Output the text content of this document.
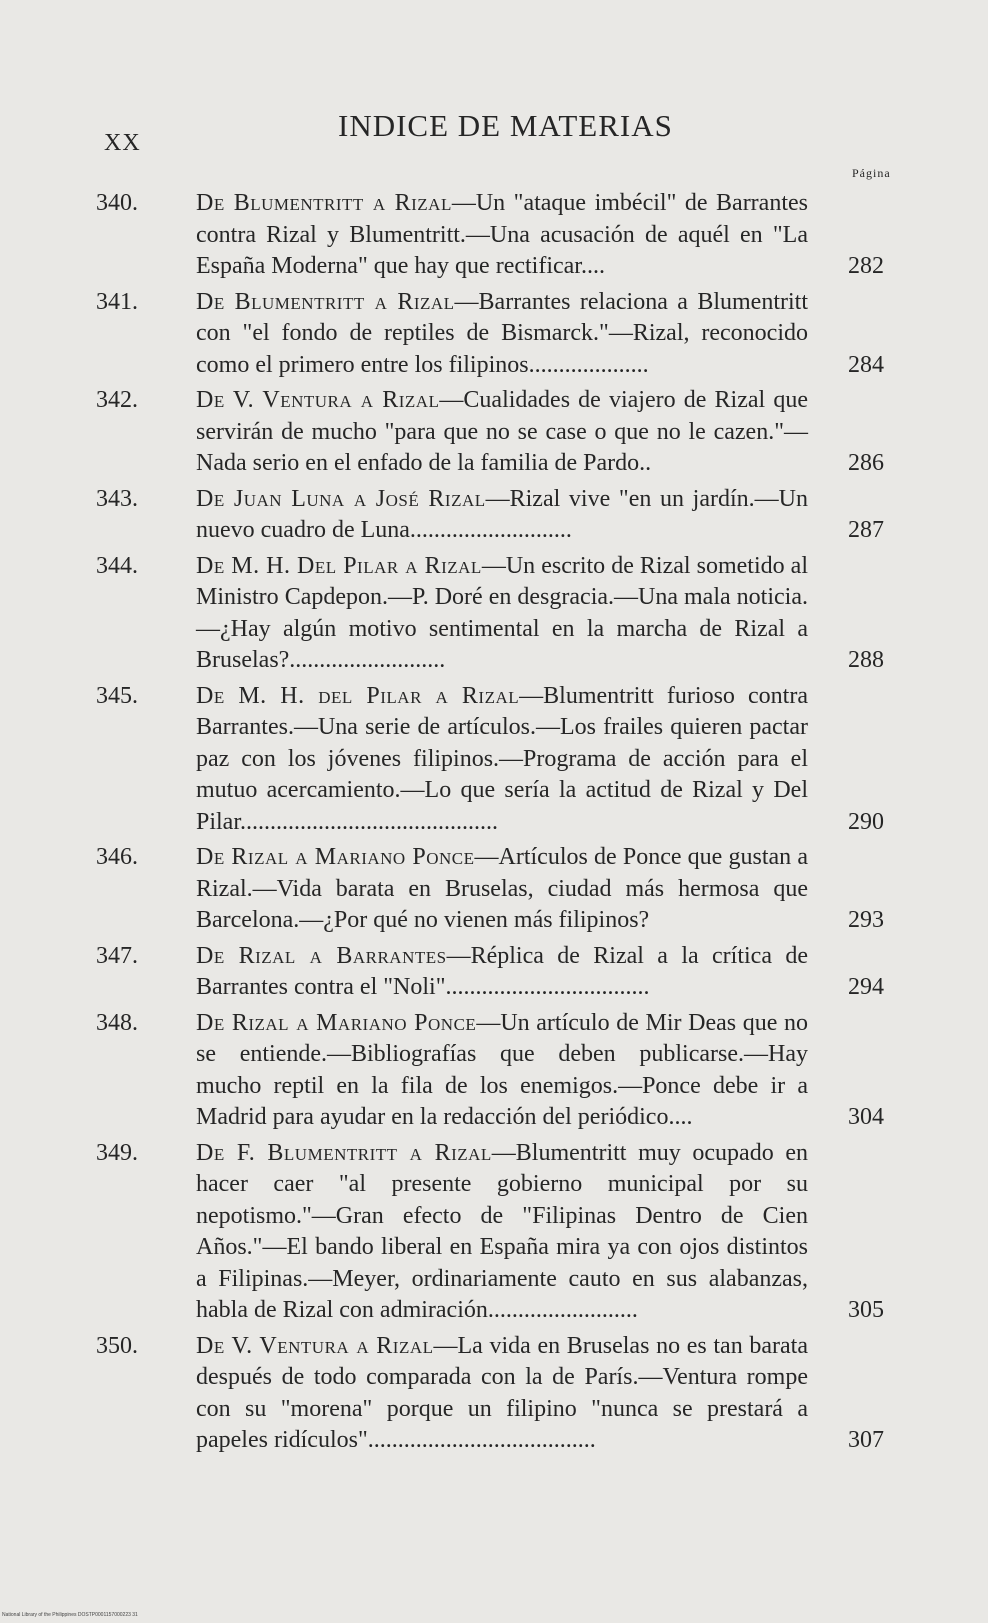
XX	INDICE DE MATERIAS
Página
340.	De Blumentritt a Rizal—Un "ataque imbécil" de Barrantes contra Rizal y Blumentritt.—Una acusación de aquél en "La España Moderna" que hay que rectificar....	282
341.	De Blumentritt a Rizal—Barrantes relaciona a Blumentritt con "el fondo de reptiles de Bismarck."—Rizal, reconocido como el primero entre los filipinos....................	284
342.	De V. Ventura a Rizal—Cualidades de viajero de Rizal que servirán de mucho "para que no se case o que no le cazen."—Nada serio en el enfado de la familia de Pardo..	286
343.	De Juan Luna a José Rizal—Rizal vive "en un jardín.—Un nuevo cuadro de Luna...........................	287
344.	De M. H. Del Pilar a Rizal—Un escrito de Rizal sometido al Ministro Capdepon.—P. Doré en desgracia.—Una mala noticia.—¿Hay algún motivo sentimental en la marcha de Rizal a Bruselas?..........................	288
345.	De M. H. del Pilar a Rizal—Blumentritt furioso contra Barrantes.—Una serie de artículos.—Los frailes quieren pactar paz con los jóvenes filipinos.—Programa de acción para el mutuo acercamiento.—Lo que sería la actitud de Rizal y Del Pilar...........................................	290
346.	De Rizal a Mariano Ponce—Artículos de Ponce que gustan a Rizal.—Vida barata en Bruselas, ciudad más hermosa que Barcelona.—¿Por qué no vienen más filipinos?	293
347.	De Rizal a Barrantes—Réplica de Rizal a la crítica de Barrantes contra el "Noli"..................................	294
348.	De Rizal a Mariano Ponce—Un artículo de Mir Deas que no se entiende.—Bibliografías que deben publicarse.—Hay mucho reptil en la fila de los enemigos.—Ponce debe ir a Madrid para ayudar en la redacción del periódico....	304
349.	De F. Blumentritt a Rizal—Blumentritt muy ocupado en hacer caer "al presente gobierno municipal por su nepotismo."—Gran efecto de "Filipinas Dentro de Cien Años."—El bando liberal en España mira ya con ojos distintos a Filipinas.—Meyer, ordinariamente cauto en sus alabanzas, habla de Rizal con admiración.........................	305
350.	De V. Ventura a Rizal—La vida en Bruselas no es tan barata después de todo comparada con la de París.—Ventura rompe con su "morena" porque un filipino "nunca se prestará a papeles ridículos"......................................	307
National Library of the Philippines DOSTP0001157000223 31
